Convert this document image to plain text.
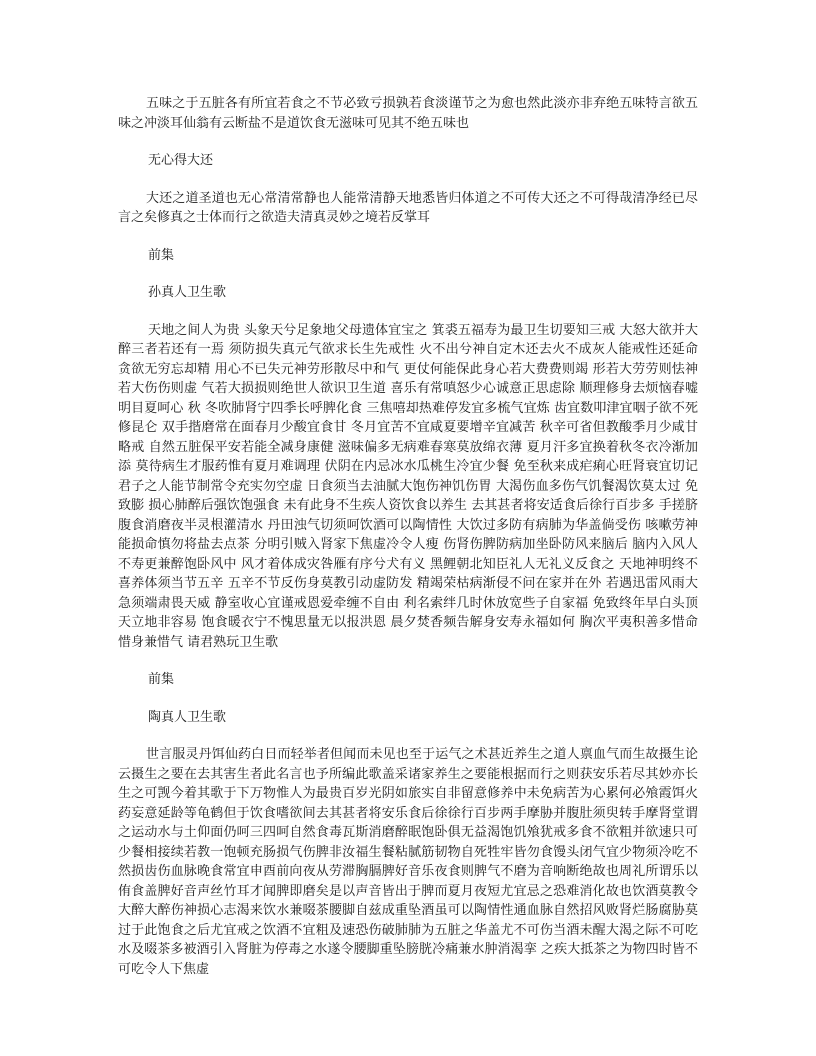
五味之于五脏各有所宜若食之不节必致亏损孰若食淡谨节之为愈也然此淡亦非弃绝五味特言欲五味之冲淡耳仙翁有云断盐不是道饮食无滋味可见其不绝五味也

无心得大还

大还之道圣道也无心常清常静也人能常清静天地悉皆归体道之不可传大还之不可得哉清净经已尽言之矣修真之士体而行之欲造夫清真灵妙之境若反掌耳

前集

孙真人卫生歌

天地之间人为贵 头象天兮足象地父母遗体宜宝之 箕裘五福寿为最卫生切要知三戒 大怒大欲并大醉三者若还有一焉 须防损失真元气欲求长生先戒性 火不出兮神自定木还去火不成灰人能戒性还延命贪欲无穷忘却精 用心不已失元神劳形散尽中和气 更仗何能保此身心若大费费则竭 形若大劳劳则怯神若大伤伤则虚 气若大损损则绝世人欲识卫生道 喜乐有常嗔怒少心诚意正思虑除 顺理修身去烦恼春嘘明目夏呵心 秋 冬吹肺肾宁四季长呼脾化食 三焦嘻却热难停发宜多梳气宜炼 齿宜数叩津宜咽子欲不死修昆仑 双手揩磨常在面春月少酸宜食甘 冬月宜苦不宜咸夏要增辛宜减苦 秋辛可省但教酸季月少咸甘略戒 自然五脏保平安若能全减身康健 滋味偏多无病难春寒莫放绵衣薄 夏月汗多宜换着秋冬衣冷渐加添 莫待病生才服药惟有夏月难调理 伏阴在内忌冰水瓜桃生冷宜少餐 免至秋来成疟痢心旺肾衰宜切记 君子之人能节制常令充实勿空虚 日食须当去油腻大饱伤神饥伤胃 大渴伤血多伤气饥餐渴饮莫太过 免致膨 损心肺醉后强饮饱强食 未有此身不生疾人资饮食以养生 去其甚者将安适食后徐行百步多 手搓脐腹食消磨夜半灵根灌清水 丹田浊气切须呵饮酒可以陶情性 大饮过多防有病肺为华盖倘受伤 咳嗽劳神能损命慎勿将盐去点茶 分明引贼入肾家下焦虚冷令人瘦 伤肾伤脾防病加坐卧防风来脑后 脑内入风人不寿更兼醉饱卧风中 风才着体成灾咎雁有序兮犬有义 黑鲤朝北知臣礼人无礼义反食之 天地神明终不喜养体须当节五辛 五辛不节反伤身莫教引动虚防发 精竭荣枯病渐侵不问在家并在外 若遇迅雷风雨大急须端肃畏天威 静室收心宜谨戒恩爱牵缠不自由 利名索绊几时休放宽些子自家福 免致终年早白头顶天立地非容易 饱食暖衣宁不愧思量无以报洪恩 晨夕焚香频告解身安寿永福如何 胸次平夷积善多惜命惜身兼惜气 请君熟玩卫生歌

前集

陶真人卫生歌

世言服灵丹饵仙药白日而轻举者但闻而未见也至于运气之术甚近养生之道人禀血气而生故摄生论云摄生之要在去其害生者此名言也予所编此歌盖采诸家养生之要能根据而行之则获安乐若尽其妙亦长生之可觊今着其歌于下万物惟人为最贵百岁光阴如旅实自非留意修养中未免病苦为心累何必飧霞饵火药妄意延龄等龟鹤但于饮食嗜欲间去其甚者将安乐食后徐徐行百步两手摩胁并腹肚须臾转手摩肾堂谓之运动水与土仰面仍呵三四呵自然食毒瓦斯消磨醉眠饱卧俱无益渴饱饥飧犹戒多食不欲粗并欲速只可少餐相接续若教一饱顿充肠损气伤脾非汝福生餐粘腻筋韧物自死牲牢皆勿食馒头闭气宜少物须冷吃不然损齿伤血脉晚食常宜申酉前向夜从劳滞胸膈脾好音乐夜食则脾气不磨为音响断绝故也周礼所谓乐以侑食盖脾好音声丝竹耳才闻脾即磨矣是以声音皆出于脾而夏月夜短尤宜忌之恐难消化故也饮酒莫教令大醉大醉伤神损心志渴来饮水兼啜茶腰脚自兹成重坠酒虽可以陶情性通血脉自然招风败肾烂肠腐胁莫过于此饱食之后尤宜戒之饮酒不宜粗及速恐伤破肺肺为五脏之华盖尤不可伤当酒未醒大渴之际不可吃水及啜茶多被酒引入肾脏为停毒之水遂令腰脚重坠膀胱冷痛兼水肿消渴挛 之疾大抵茶之为物四时皆不可吃令人下焦虚
